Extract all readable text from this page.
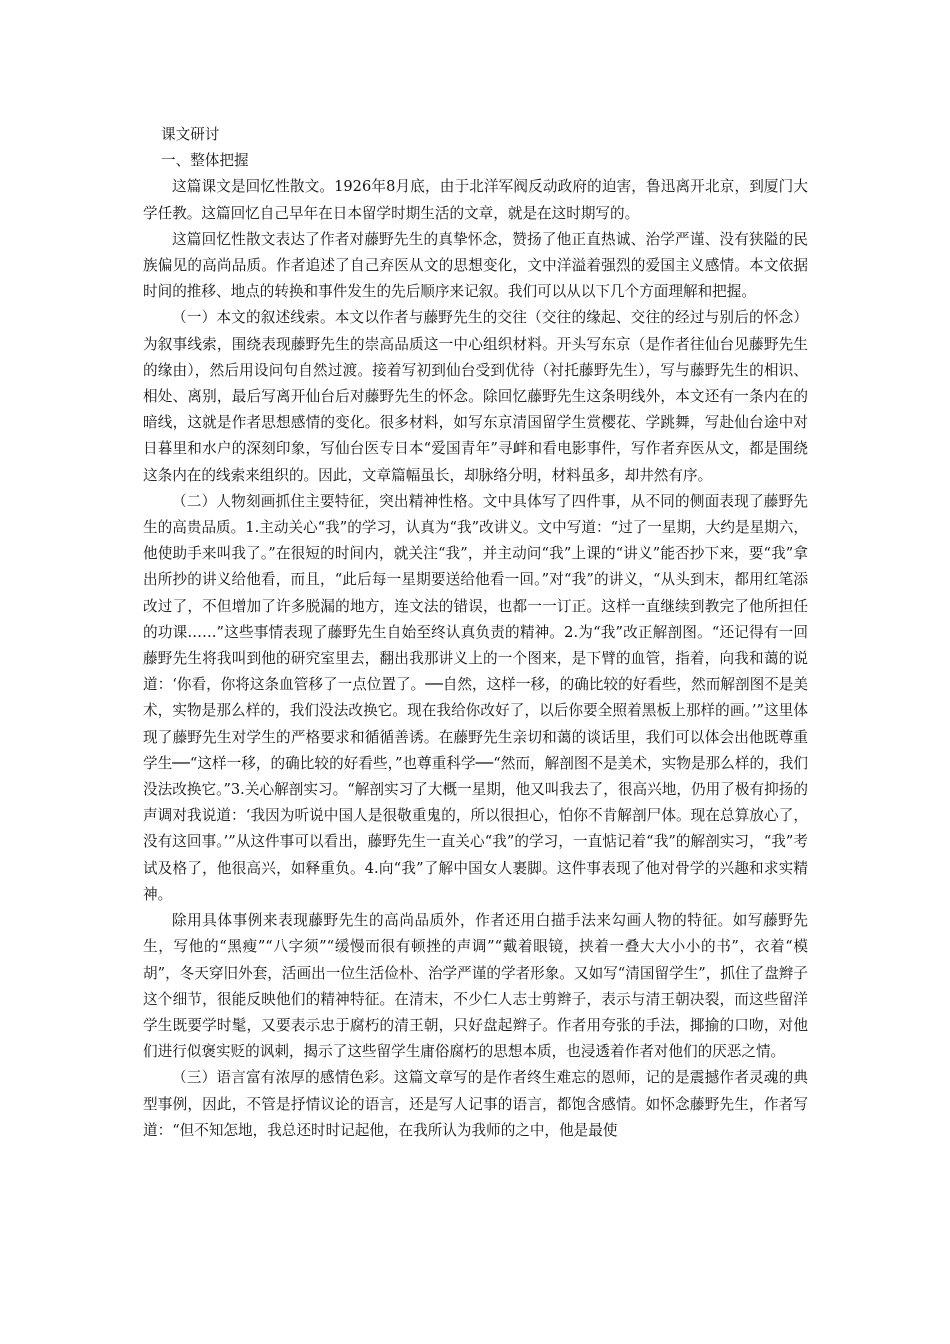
课文研讨

一、整体把握

这篇课文是回忆性散文。1926年8月底，由于北洋军阀反动政府的迫害，鲁迅离开北京，到厦门大学任教。这篇回忆自己早年在日本留学时期生活的文章，就是在这时期写的。

这篇回忆性散文表达了作者对藤野先生的真挚怀念，赞扬了他正直热诚、治学严谨、没有狭隘的民族偏见的高尚品质。作者追述了自己弃医从文的思想变化，文中洋溢着强烈的爱国主义感情。本文依据时间的推移、地点的转换和事件发生的先后顺序来记叙。我们可以从以下几个方面理解和把握。

（一）本文的叙述线索。本文以作者与藤野先生的交往（交往的缘起、交往的经过与别后的怀念）为叙事线索，围绕表现藤野先生的崇高品质这一中心组织材料。开头写东京（是作者往仙台见藤野先生的缘由），然后用设问句自然过渡。接着写初到仙台受到优待（衬托藤野先生），写与藤野先生的相识、相处、离别，最后写离开仙台后对藤野先生的怀念。除回忆藤野先生这条明线外，本文还有一条内在的暗线，这就是作者思想感情的变化。很多材料，如写东京清国留学生赏樱花、学跳舞，写赴仙台途中对日暮里和水户的深刻印象，写仙台医专日本“爱国青年”寻衅和看电影事件，写作者弃医从文，都是围绕这条内在的线索来组织的。因此，文章篇幅虽长，却脉络分明，材料虽多，却井然有序。

（二）人物刻画抓住主要特征，突出精神性格。文中具体写了四件事，从不同的侧面表现了藤野先生的高贵品质。1.主动关心“我”的学习，认真为“我”改讲义。文中写道：“过了一星期，大约是星期六，他使助手来叫我了。”在很短的时间内，就关注“我”，并主动问“我”上课的“讲义”能否抄下来，要“我”拿出所抄的讲义给他看，而且，“此后每一星期要送给他看一回。”对“我”的讲义，“从头到末，都用红笔添改过了，不但增加了许多脱漏的地方，连文法的错误，也都一一订正。这样一直继续到教完了他所担任的功课……”这些事情表现了藤野先生自始至终认真负责的精神。2.为“我”改正解剖图。“还记得有一回藤野先生将我叫到他的研究室里去，翻出我那讲义上的一个图来，是下臂的血管，指着，向我和蔼的说道：‘你看，你将这条血管移了一点位置了。──自然，这样一移，的确比较的好看些，然而解剖图不是美术，实物是那么样的，我们没法改换它。现在我给你改好了，以后你要全照着黑板上那样的画。’”这里体现了藤野先生对学生的严格要求和循循善诱。在藤野先生亲切和蔼的谈话里，我们可以体会出他既尊重学生──“这样一移，的确比较的好看些，”也尊重科学──“然而，解剖图不是美术，实物是那么样的，我们没法改换它。”3.关心解剖实习。“解剖实习了大概一星期，他又叫我去了，很高兴地，仍用了极有抑扬的声调对我说道：‘我因为听说中国人是很敬重鬼的，所以很担心，怕你不肯解剖尸体。现在总算放心了，没有这回事。’”从这件事可以看出，藤野先生一直关心“我”的学习，一直惦记着“我”的解剖实习，“我”考试及格了，他很高兴，如释重负。4.向“我”了解中国女人裹脚。这件事表现了他对骨学的兴趣和求实精神。

除用具体事例来表现藤野先生的高尚品质外，作者还用白描手法来勾画人物的特征。如写藤野先生，写他的“黑瘦”“八字须”“缓慢而很有顿挫的声调”“戴着眼镜，挟着一叠大大小小的书”，衣着“模胡”，冬天穿旧外套，活画出一位生活俭朴、治学严谨的学者形象。又如写“清国留学生”，抓住了盘辫子这个细节，很能反映他们的精神特征。在清末，不少仁人志士剪辫子，表示与清王朝决裂，而这些留洋学生既要学时髦，又要表示忠于腐朽的清王朝，只好盘起辫子。作者用夸张的手法，揶揄的口吻，对他们进行似褒实贬的讽刺，揭示了这些留学生庸俗腐朽的思想本质，也浸透着作者对他们的厌恶之情。

（三）语言富有浓厚的感情色彩。这篇文章写的是作者终生难忘的恩师，记的是震撼作者灵魂的典型事例，因此，不管是抒情议论的语言，还是写人记事的语言，都饱含感情。如怀念藤野先生，作者写道：“但不知怎地，我总还时时记起他，在我所认为我师的之中，他是最使
